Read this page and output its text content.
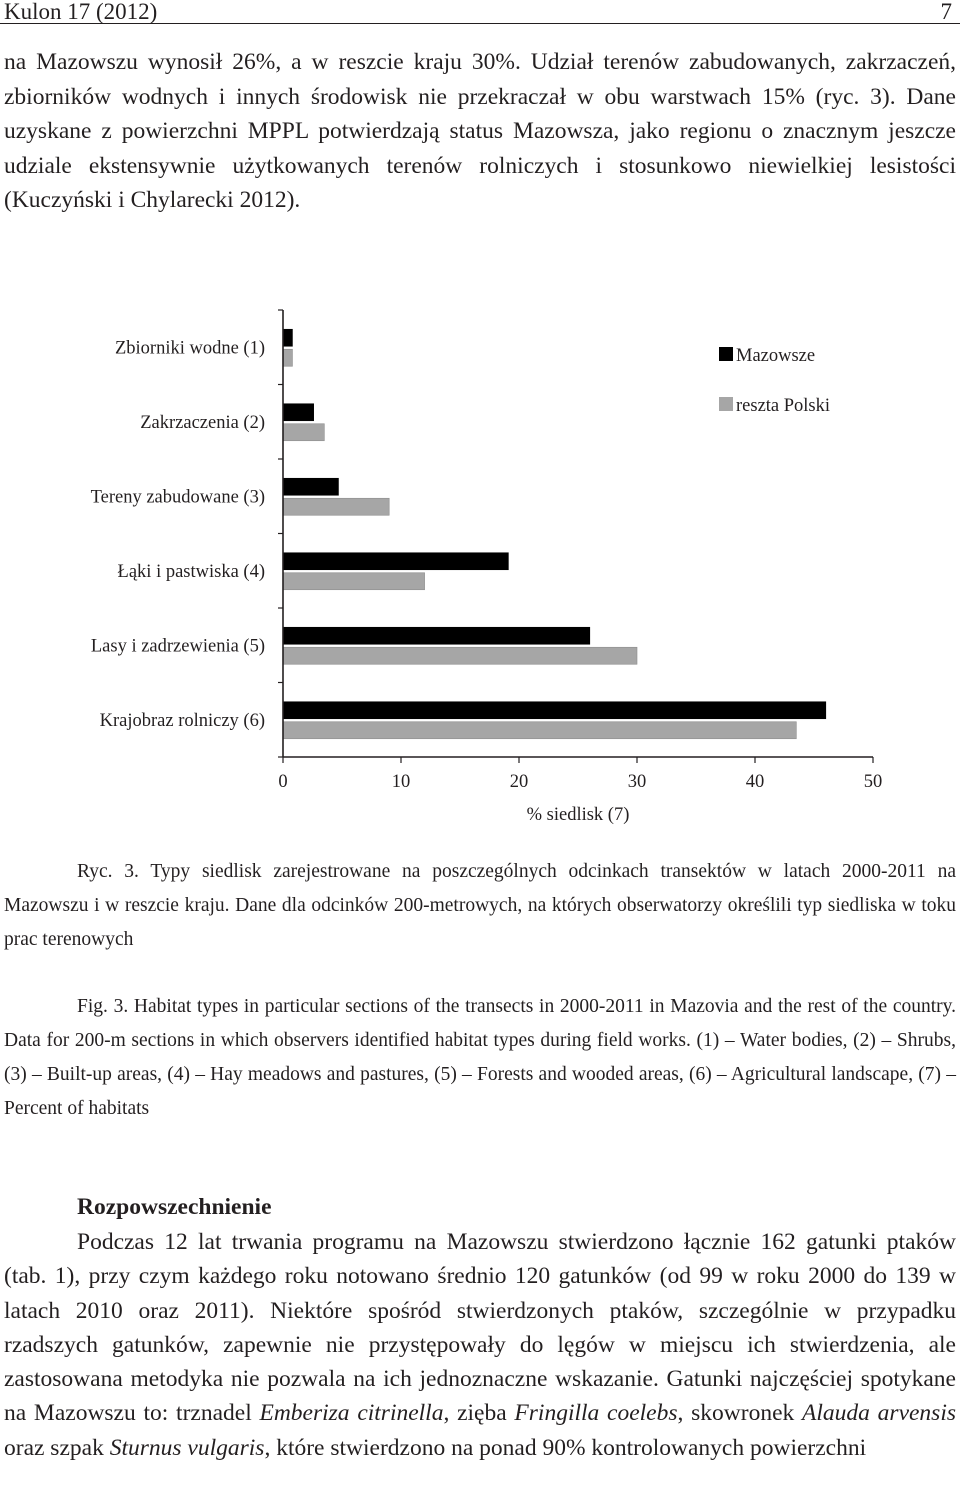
Kulon 17 (2012)	7
na Mazowszu wynosił 26%, a w reszcie kraju 30%. Udział terenów zabudowanych, zakrzaczeń, zbiorników wodnych i innych środowisk nie przekraczał w obu warstwach 15% (ryc. 3). Dane uzyskane z powierzchni MPPL potwierdzają status Mazowsza, jako regionu o znacznym jeszcze udziale ekstensywnie użytkowanych terenów rolniczych i stosunkowo niewielkiej lesistości (Kuczyński i Chylarecki 2012).
Zbiorniki wodne (1)
Zakrzaczenia (2)
Tereny zabudowane (3)
Łąki i pastwiska (4)
Lasy i zadrzewienia (5)
Krajobraz rolniczy (6)
0	10	20	30	40	50
Mazowsze
reszta Polski
% siedlisk (7)
Ryc. 3. Typy siedlisk zarejestrowane na poszczególnych odcinkach transektów w latach 2000-2011 na Mazowszu i w reszcie kraju. Dane dla odcinków 200-metrowych, na których obserwatorzy określili typ siedliska w toku prac terenowych
Fig. 3. Habitat types in particular sections of the transects in 2000-2011 in Mazovia and the rest of the country. Data for 200-m sections in which observers identified habitat types during field works. (1) – Water bodies, (2) – Shrubs, (3) – Built-up areas, (4) – Hay meadows and pastures, (5) – Forests and wooded areas, (6) – Agricultural landscape, (7) – Percent of habitats
Rozpowszechnienie
Podczas 12 lat trwania programu na Mazowszu stwierdzono łącznie 162 gatunki ptaków (tab. 1), przy czym każdego roku notowano średnio 120 gatunków (od 99 w roku 2000 do 139 w latach 2010 oraz 2011). Niektóre spośród stwierdzonych ptaków, szczególnie w przypadku rzadszych gatunków, zapewnie nie przystępowały do lęgów w miejscu ich stwierdzenia, ale zastosowana metodyka nie pozwala na ich jednoznaczne wskazanie. Gatunki najczęściej spotykane na Mazowszu to: trznadel Emberiza citrinella, zięba Fringilla coelebs, skowronek Alauda arvensis oraz szpak Sturnus vulgaris, które stwierdzono na ponad 90% kontrolowanych powierzchni
